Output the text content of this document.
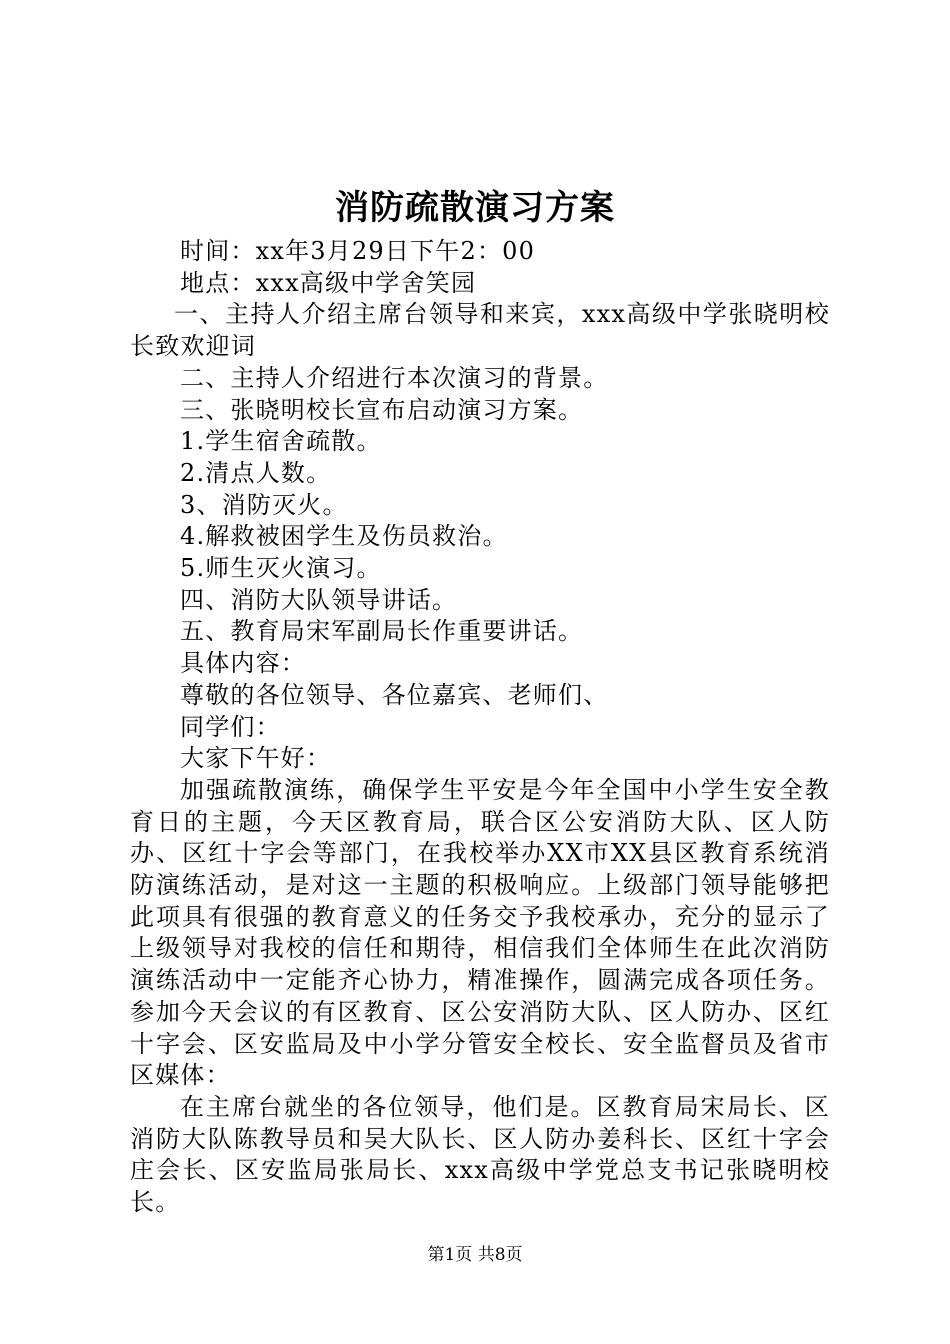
消防疏散演习方案

时间：xx年3月29日下午2：00

地点：xxx高级中学舍笑园

一、主持人介绍主席台领导和来宾，xxx高级中学张晓明校长致欢迎词

二、主持人介绍进行本次演习的背景。

三、张晓明校长宣布启动演习方案。

1.学生宿舍疏散。

2.清点人数。

3、消防灭火。

4.解救被困学生及伤员救治。

5.师生灭火演习。

四、消防大队领导讲话。

五、教育局宋军副局长作重要讲话。

具体内容：

尊敬的各位领导、各位嘉宾、老师们、

同学们：

大家下午好：

加强疏散演练，确保学生平安是今年全国中小学生安全教育日的主题，今天区教育局，联合区公安消防大队、区人防办、区红十字会等部门，在我校举办XX市XX县区教育系统消防演练活动，是对这一主题的积极响应。上级部门领导能够把此项具有很强的教育意义的任务交予我校承办，充分的显示了上级领导对我校的信任和期待，相信我们全体师生在此次消防演练活动中一定能齐心协力，精准操作，圆满完成各项任务。参加今天会议的有区教育、区公安消防大队、区人防办、区红十字会、区安监局及中小学分管安全校长、安全监督员及省市区媒体：

在主席台就坐的各位领导，他们是。区教育局宋局长、区消防大队陈教导员和吴大队长、区人防办姜科长、区红十字会庄会长、区安监局张局长、xxx高级中学党总支书记张晓明校长。

第1页 共8页
